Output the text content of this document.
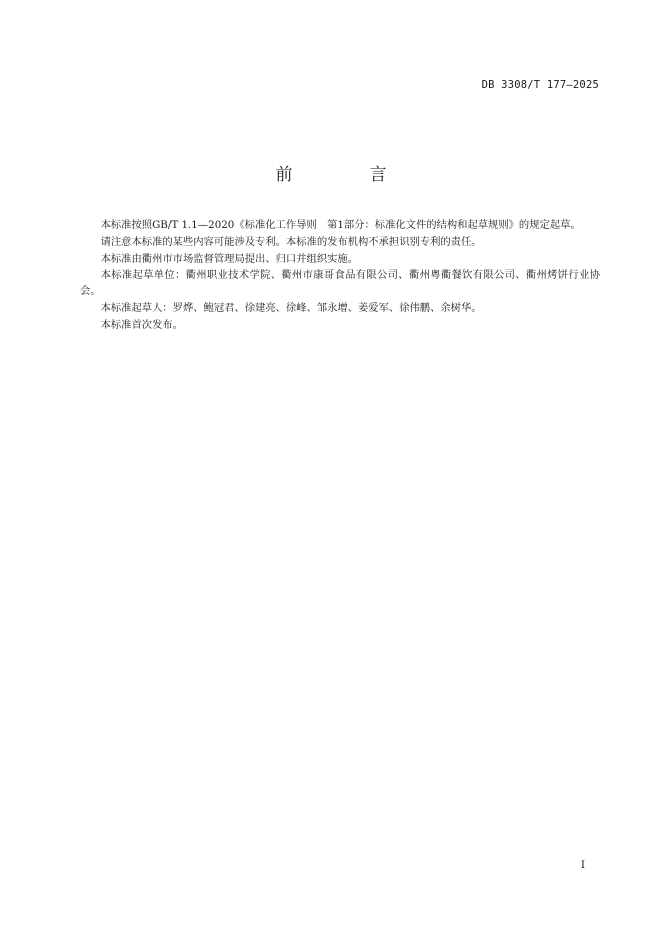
DB 3308/T 177—2025
前　言

本标准按照GB/T 1.1—2020《标准化工作导则　第1部分：标准化文件的结构和起草规则》的规定起草。

请注意本标准的某些内容可能涉及专利。本标准的发布机构不承担识别专利的责任。

本标准由衢州市市场监督管理局提出、归口并组织实施。

本标准起草单位：衢州职业技术学院、衢州市康哥食品有限公司、衢州粤衢餐饮有限公司、衢州烤饼行业协会。

本标准起草人：罗烨、鲍冠君、徐建亮、徐峰、邹永增、姜爱军、徐伟鹏、余树华。

本标准首次发布。

I
